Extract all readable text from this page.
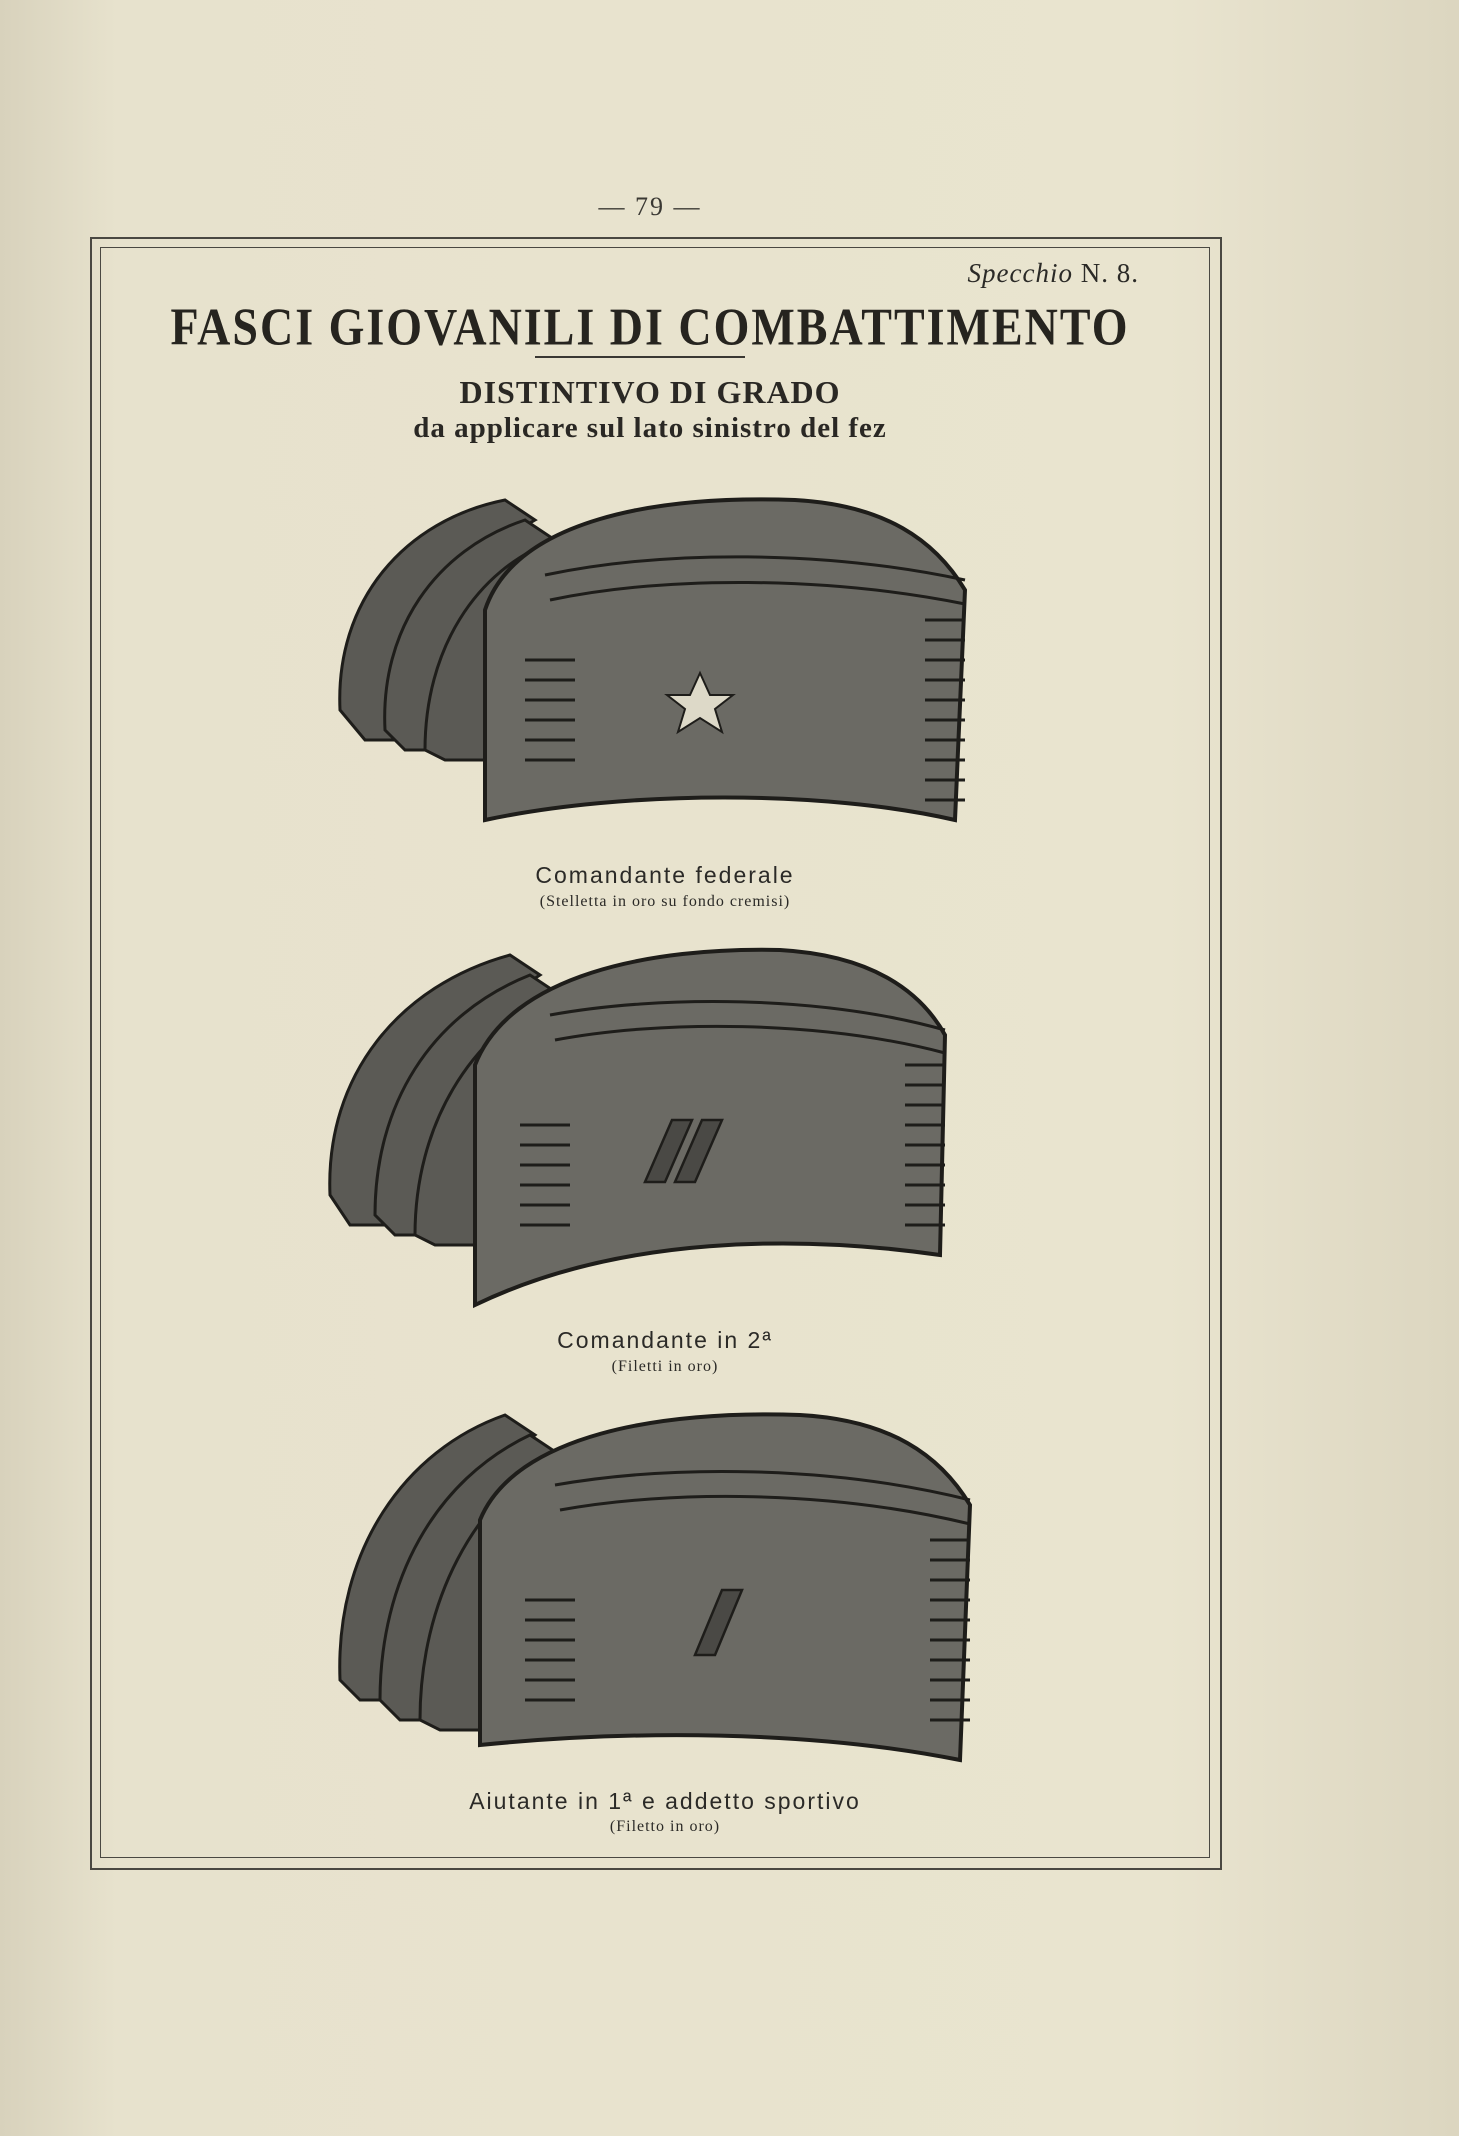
— 79 —
Specchio N. 8.
FASCI GIOVANILI DI COMBATTIMENTO
DISTINTIVO DI GRADO
da applicare sul lato sinistro del fez
Comandante federale
(Stelletta in oro su fondo cremisi)
Comandante in 2ª
(Filetti in oro)
Aiutante in 1ª e addetto sportivo
(Filetto in oro)
